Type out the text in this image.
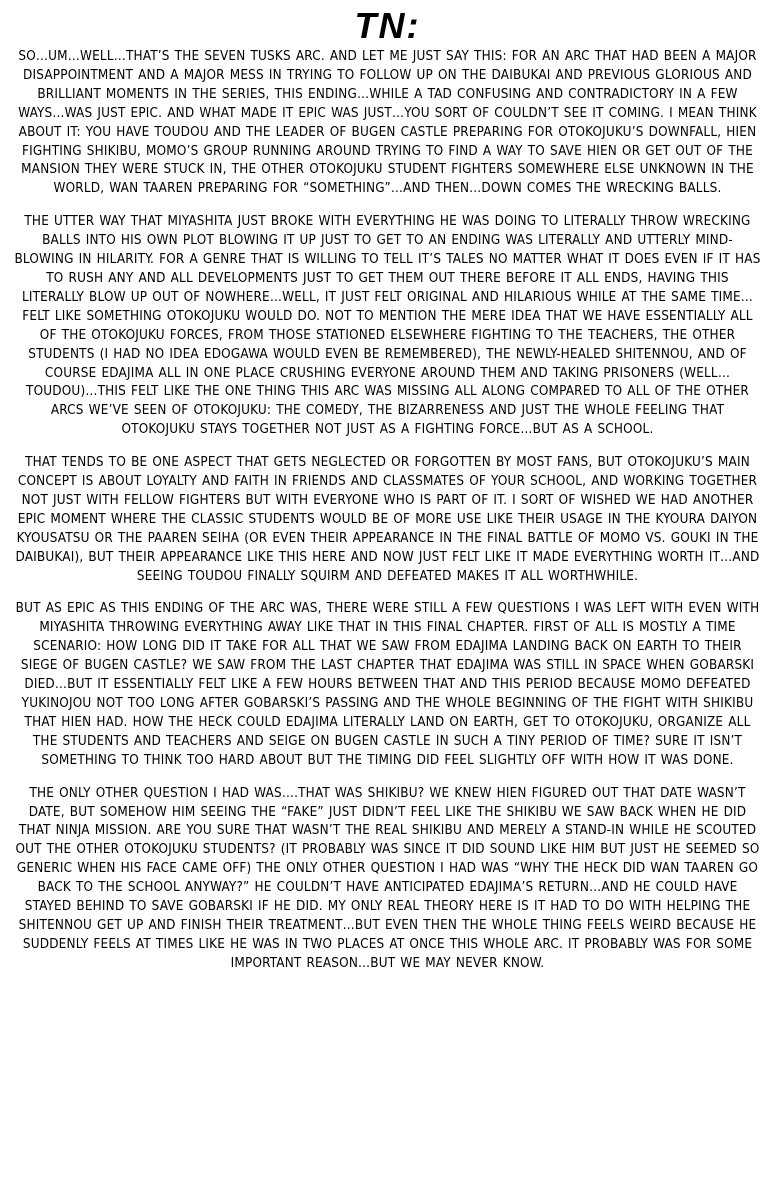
TN:

SO…UM…WELL…THAT’S THE SEVEN TUSKS ARC. AND LET ME JUST SAY THIS: FOR AN ARC THAT HAD BEEN A MAJOR DISAPPOINTMENT AND A MAJOR MESS IN TRYING TO FOLLOW UP ON THE DAIBUKAI AND PREVIOUS GLORIOUS AND BRILLIANT MOMENTS IN THE SERIES, THIS ENDING…WHILE A TAD CONFUSING AND CONTRADICTORY IN A FEW WAYS…WAS JUST EPIC. AND WHAT MADE IT EPIC WAS JUST…YOU SORT OF COULDN’T SEE IT COMING. I MEAN THINK ABOUT IT: YOU HAVE TOUDOU AND THE LEADER OF BUGEN CASTLE PREPARING FOR OTOKOJUKU’S DOWNFALL, HIEN FIGHTING SHIKIBU, MOMO’S GROUP RUNNING AROUND TRYING TO FIND A WAY TO SAVE HIEN OR GET OUT OF THE MANSION THEY WERE STUCK IN, THE OTHER OTOKOJUKU STUDENT FIGHTERS SOMEWHERE ELSE UNKNOWN IN THE WORLD, WAN TAAREN PREPARING FOR “SOMETHING”…AND THEN…DOWN COMES THE WRECKING BALLS.

THE UTTER WAY THAT MIYASHITA JUST BROKE WITH EVERYTHING HE WAS DOING TO LITERALLY THROW WRECKING BALLS INTO HIS OWN PLOT BLOWING IT UP JUST TO GET TO AN ENDING WAS LITERALLY AND UTTERLY MIND-BLOWING IN HILARITY. FOR A GENRE THAT IS WILLING TO TELL IT’S TALES NO MATTER WHAT IT DOES EVEN IF IT HAS TO RUSH ANY AND ALL DEVELOPMENTS JUST TO GET THEM OUT THERE BEFORE IT ALL ENDS, HAVING THIS LITERALLY BLOW UP OUT OF NOWHERE…WELL, IT JUST FELT ORIGINAL AND HILARIOUS WHILE AT THE SAME TIME…FELT LIKE SOMETHING OTOKOJUKU WOULD DO. NOT TO MENTION THE MERE IDEA THAT WE HAVE ESSENTIALLY ALL OF THE OTOKOJUKU FORCES, FROM THOSE STATIONED ELSEWHERE FIGHTING TO THE TEACHERS, THE OTHER STUDENTS (I HAD NO IDEA EDOGAWA WOULD EVEN BE REMEMBERED), THE NEWLY-HEALED SHITENNOU, AND OF COURSE EDAJIMA ALL IN ONE PLACE CRUSHING EVERYONE AROUND THEM AND TAKING PRISONERS (WELL…TOUDOU)…THIS FELT LIKE THE ONE THING THIS ARC WAS MISSING ALL ALONG COMPARED TO ALL OF THE OTHER ARCS WE’VE SEEN OF OTOKOJUKU: THE COMEDY, THE BIZARRENESS AND JUST THE WHOLE FEELING THAT OTOKOJUKU STAYS TOGETHER NOT JUST AS A FIGHTING FORCE…BUT AS A SCHOOL.

THAT TENDS TO BE ONE ASPECT THAT GETS NEGLECTED OR FORGOTTEN BY MOST FANS, BUT OTOKOJUKU’S MAIN CONCEPT IS ABOUT LOYALTY AND FAITH IN FRIENDS AND CLASSMATES OF YOUR SCHOOL, AND WORKING TOGETHER NOT JUST WITH FELLOW FIGHTERS BUT WITH EVERYONE WHO IS PART OF IT. I SORT OF WISHED WE HAD ANOTHER EPIC MOMENT WHERE THE CLASSIC STUDENTS WOULD BE OF MORE USE LIKE THEIR USAGE IN THE KYOURA DAIYON KYOUSATSU OR THE PAAREN SEIHA (OR EVEN THEIR APPEARANCE IN THE FINAL BATTLE OF MOMO VS. GOUKI IN THE DAIBUKAI), BUT THEIR APPEARANCE LIKE THIS HERE AND NOW JUST FELT LIKE IT MADE EVERYTHING WORTH IT…AND SEEING TOUDOU FINALLY SQUIRM AND DEFEATED MAKES IT ALL WORTHWHILE.

BUT AS EPIC AS THIS ENDING OF THE ARC WAS, THERE WERE STILL A FEW QUESTIONS I WAS LEFT WITH EVEN WITH MIYASHITA THROWING EVERYTHING AWAY LIKE THAT IN THIS FINAL CHAPTER. FIRST OF ALL IS MOSTLY A TIME SCENARIO: HOW LONG DID IT TAKE FOR ALL THAT WE SAW FROM EDAJIMA LANDING BACK ON EARTH TO THEIR SIEGE OF BUGEN CASTLE? WE SAW FROM THE LAST CHAPTER THAT EDAJIMA WAS STILL IN SPACE WHEN GOBARSKI DIED…BUT IT ESSENTIALLY FELT LIKE A FEW HOURS BETWEEN THAT AND THIS PERIOD BECAUSE MOMO DEFEATED YUKINOJOU NOT TOO LONG AFTER GOBARSKI’S PASSING AND THE WHOLE BEGINNING OF THE FIGHT WITH SHIKIBU THAT HIEN HAD. HOW THE HECK COULD EDAJIMA LITERALLY LAND ON EARTH, GET TO OTOKOJUKU, ORGANIZE ALL THE STUDENTS AND TEACHERS AND SEIGE ON BUGEN CASTLE IN SUCH A TINY PERIOD OF TIME? SURE IT ISN’T SOMETHING TO THINK TOO HARD ABOUT BUT THE TIMING DID FEEL SLIGHTLY OFF WITH HOW IT WAS DONE.

THE ONLY OTHER QUESTION I HAD WAS….THAT WAS SHIKIBU? WE KNEW HIEN FIGURED OUT THAT DATE WASN’T DATE, BUT SOMEHOW HIM SEEING THE “FAKE” JUST DIDN’T FEEL LIKE THE SHIKIBU WE SAW BACK WHEN HE DID THAT NINJA MISSION. ARE YOU SURE THAT WASN’T THE REAL SHIKIBU AND MERELY A STAND-IN WHILE HE SCOUTED OUT THE OTHER OTOKOJUKU STUDENTS? (IT PROBABLY WAS SINCE IT DID SOUND LIKE HIM BUT JUST HE SEEMED SO GENERIC WHEN HIS FACE CAME OFF) THE ONLY OTHER QUESTION I HAD WAS “WHY THE HECK DID WAN TAAREN GO BACK TO THE SCHOOL ANYWAY?” HE COULDN’T HAVE ANTICIPATED EDAJIMA’S RETURN…AND HE COULD HAVE STAYED BEHIND TO SAVE GOBARSKI IF HE DID. MY ONLY REAL THEORY HERE IS IT HAD TO DO WITH HELPING THE SHITENNOU GET UP AND FINISH THEIR TREATMENT…BUT EVEN THEN THE WHOLE THING FEELS WEIRD BECAUSE HE SUDDENLY FEELS AT TIMES LIKE HE WAS IN TWO PLACES AT ONCE THIS WHOLE ARC. IT PROBABLY WAS FOR SOME IMPORTANT REASON…BUT WE MAY NEVER KNOW.
